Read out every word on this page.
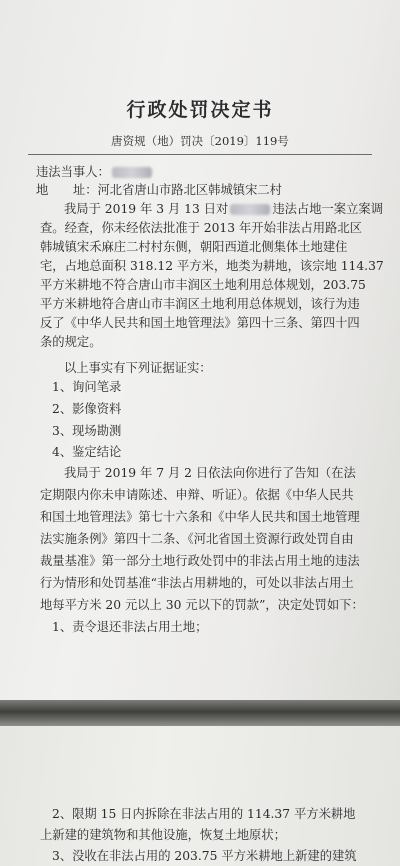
行政处罚决定书
唐资规（地）罚决〔2019〕119号
违法当事人：
地　　址：河北省唐山市路北区韩城镇宋二村
我局于 2019 年 3 月 13 日对	违法占地一案立案调
查。经查，你未经依法批准于 2013 年开始非法占用路北区
韩城镇宋禾麻庄二村村东侧，朝阳西道北侧集体土地建住
宅，占地总面积 318.12 平方米，地类为耕地，该宗地 114.37
平方米耕地不符合唐山市丰润区土地利用总体规划，203.75
平方米耕地符合唐山市丰润区土地利用总体规划，该行为违
反了《中华人民共和国土地管理法》第四十三条、第四十四
条的规定。
以上事实有下列证据证实：
1、询问笔录
2、影像资料
3、现场勘测
4、鉴定结论
我局于 2019 年 7 月 2 日依法向你进行了告知（在法
定期限内你未申请陈述、申辩、听证）。依据《中华人民共
和国土地管理法》第七十六条和《中华人民共和国土地管理
法实施条例》第四十二条、《河北省国土资源行政处罚自由
裁量基准》第一部分土地行政处罚中的非法占用土地的违法
行为情形和处罚基准“非法占用耕地的，可处以非法占用土
地每平方米 20 元以上 30 元以下的罚款”，决定处罚如下：
1、责令退还非法占用土地；
2、限期 15 日内拆除在非法占用的 114.37 平方米耕地
上新建的建筑物和其他设施，恢复土地原状；
3、没收在非法占用的 203.75 平方米耕地上新建的建筑
